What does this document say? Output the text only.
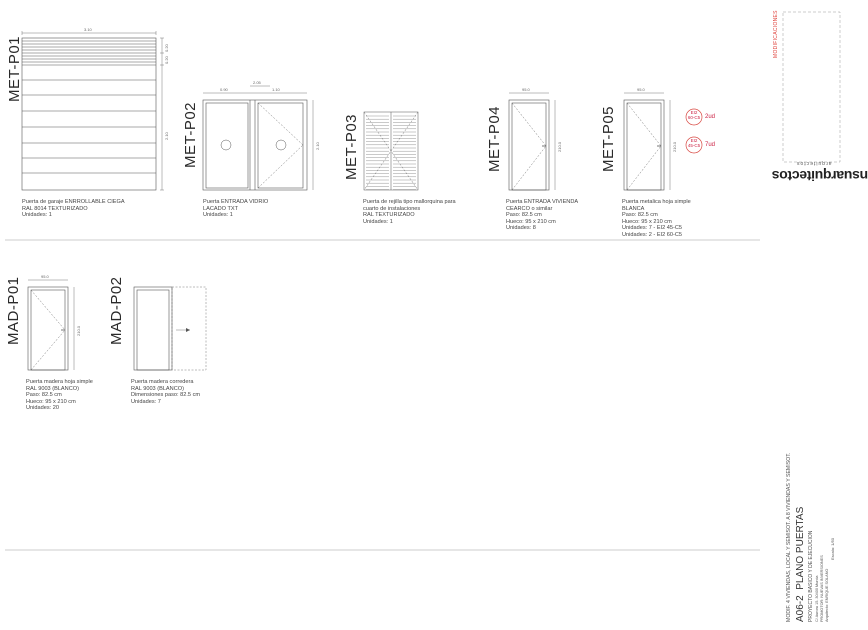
MET-P01
MET-P02	MET-P03	MET-P04	MET-P05
MAD-P01	MAD-P02
3.10
0.20
0.20
2.10
0.90
2.05
1.10
2.10
95.0
210.0
95.0
210.0
95.0
210.0
EI2
60-C5 2ud
EI2
45-C5 7ud
Puerta de garaje ENRROLLABLE CIEGA
RAL 8014 TEXTURIZADO
Unidades: 1
Puerta ENTRADA VIDRIO
LACADO TXT
Unidades: 1
Puerta de rejilla tipo mallorquina para
cuarto de instalaciones
RAL TEXTURIZADO
Unidades: 1
Puerta ENTRADA VIVIENDA
CEARCO o similar
Paso: 82.5 cm
Hueco: 95 x 210 cm
Unidades: 8
Puerta metalica hoja simple
BLANCA
Paso: 82.5 cm
Hueco: 95 x 210 cm
Unidades: 7 - EI2 45-C5
Unidades: 2 - EI2 60-C5
Puerta madera hoja simple
RAL 9003 (BLANCO)
Paso: 82.5 cm
Hueco: 95 x 210 cm
Unidades: 20
Puerta madera corredera
RAL 9003 (BLANCO)
Dimensiones paso: 82.5 cm
Unidades: 7
MODIFICACIONES
nsuarquitectos
arquitectos
MODIF. 4 VIVIENDAS, LOCAL Y SEMISOT. A 8 VIVIENDAS Y SEMISOT. A06-2  PLANO PUERTAS PROYECTO BASICO Y DE EJECUCION C/ Aurora 15. 30400 Murcia PROMOTOR: NUEVAS INVERSIONES Arquitecto: ENRIQUE SOLANO
Escala: 1/50
